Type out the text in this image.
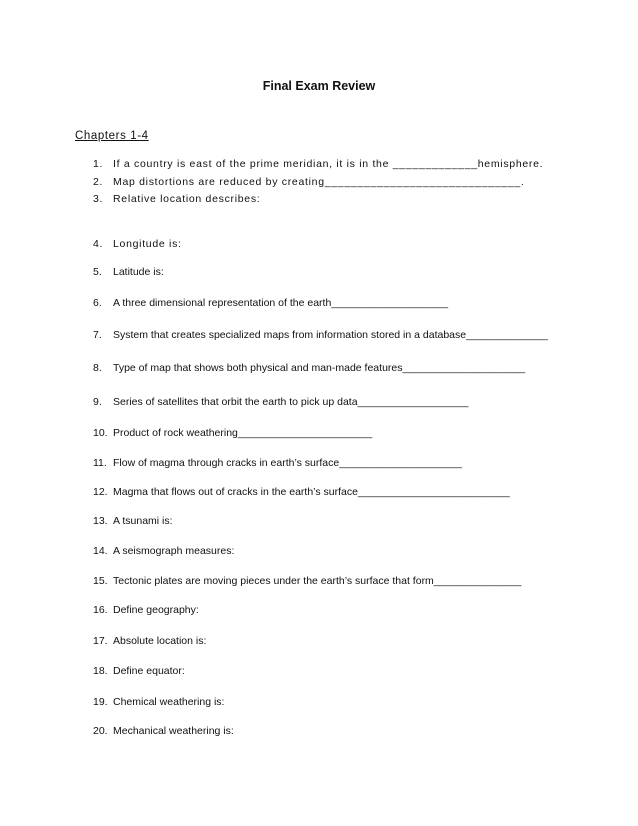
Final Exam Review
Chapters 1-4
1. If a country is east of the prime meridian, it is in the _____________hemisphere.
2. Map distortions are reduced by creating______________________________.
3. Relative location describes:
4. Longitude is:
5.	Latitude is:
6.	A three dimensional representation of the earth____________________
7.	System that creates specialized maps from information stored in a database______________
8.	Type of map that shows both physical and man-made features_____________________
9.	Series of satellites that orbit the earth to pick up data___________________
10. Product of rock weathering_______________________
11. Flow of magma through cracks in earth’s surface_____________________
12. Magma that flows out of cracks in the earth’s surface__________________________
13. A tsunami is:
14. A seismograph measures:
15. Tectonic plates are moving pieces under the earth’s surface that form_______________
16. Define geography:
17. Absolute location is:
18. Define equator:
19. Chemical weathering is:
20. Mechanical weathering is:
